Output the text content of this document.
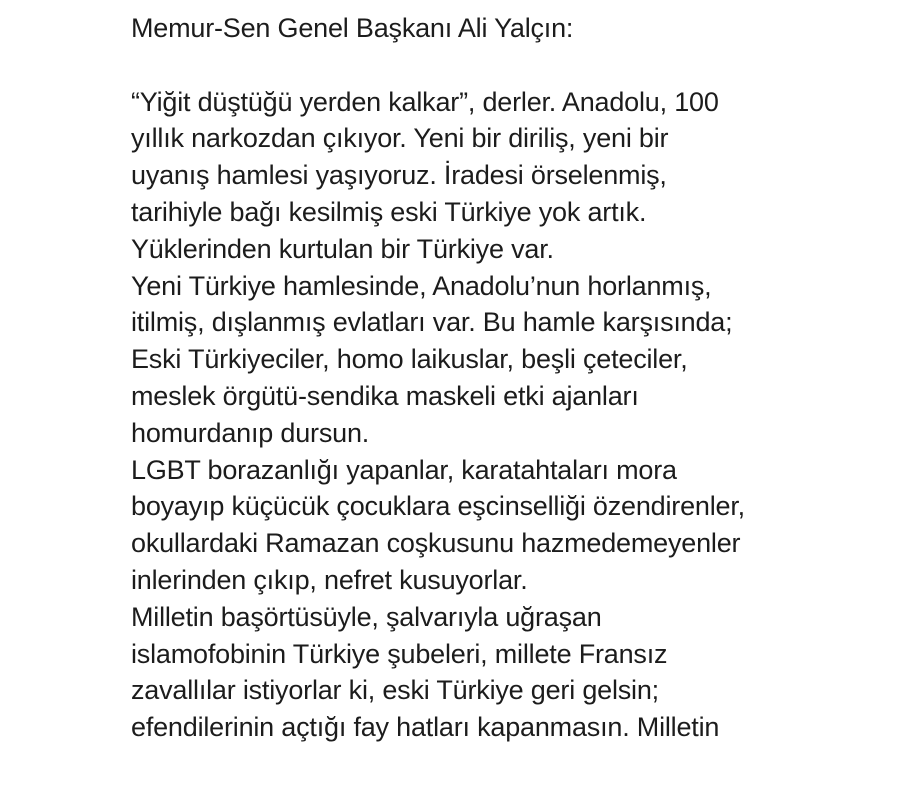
Memur-Sen Genel Başkanı Ali Yalçın:
“Yiğit düştüğü yerden kalkar”, derler. Anadolu, 100
yıllık narkozdan çıkıyor. Yeni bir diriliş, yeni bir
uyanış hamlesi yaşıyoruz. İradesi örselenmiş,
tarihiyle bağı kesilmiş eski Türkiye yok artık.
Yüklerinden kurtulan bir Türkiye var.
Yeni Türkiye hamlesinde, Anadolu’nun horlanmış,
itilmiş, dışlanmış evlatları var. Bu hamle karşısında;
Eski Türkiyeciler, homo laikuslar, beşli çeteciler,
meslek örgütü-sendika maskeli etki ajanları
homurdanıp dursun.
LGBT borazanlığı yapanlar, karatahtaları mora
boyayıp küçücük çocuklara eşcinselliği özendirenler,
okullardaki Ramazan coşkusunu hazmedemeyenler
inlerinden çıkıp, nefret kusuyorlar.
Milletin başörtüsüyle, şalvarıyla uğraşan
islamofobinin Türkiye şubeleri, millete Fransız
zavallılar istiyorlar ki, eski Türkiye geri gelsin;
efendilerinin açtığı fay hatları kapanmasın. Milletin
